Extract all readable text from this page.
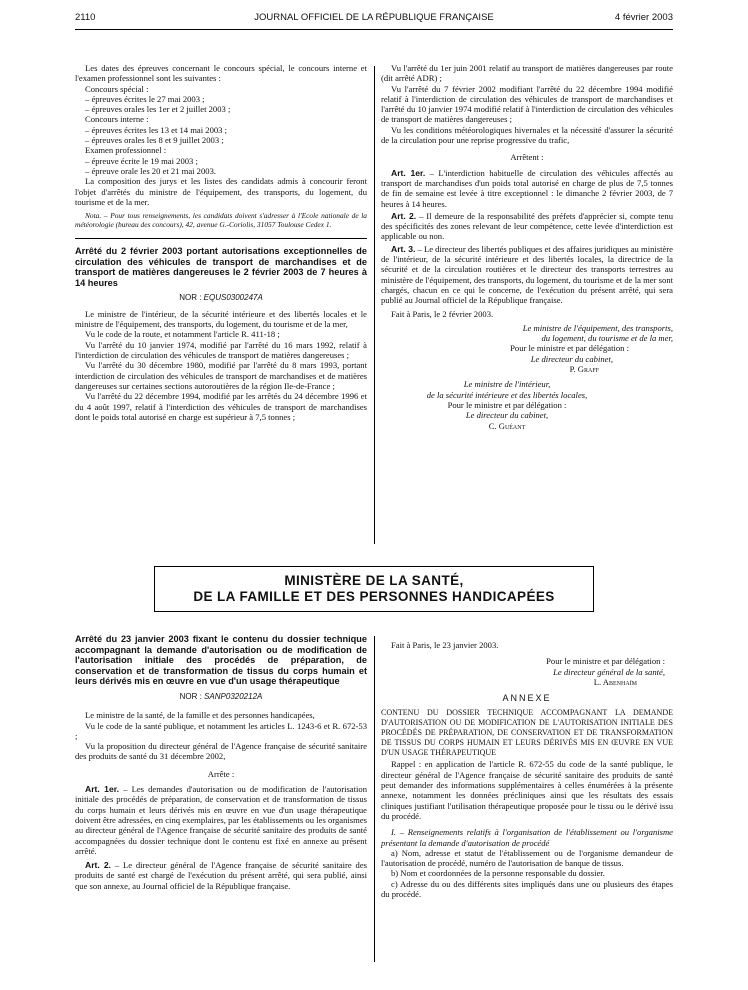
2110	JOURNAL OFFICIEL DE LA RÉPUBLIQUE FRANÇAISE	4 février 2003

Les dates des épreuves concernant le concours spécial, le concours interne et l'examen professionnel sont les suivantes :

Concours spécial :

– épreuves écrites le 27 mai 2003 ;

– épreuves orales les 1er et 2 juillet 2003 ;

Concours interne :

– épreuves écrites les 13 et 14 mai 2003 ;

– épreuves orales les 8 et 9 juillet 2003 ;

Examen professionnel :

– épreuve écrite le 19 mai 2003 ;

– épreuve orale les 20 et 21 mai 2003.

La composition des jurys et les listes des candidats admis à concourir feront l'objet d'arrêtés du ministre de l'équipement, des transports, du logement, du tourisme et de la mer.

Nota. – Pour tous renseignements, les candidats doivent s'adresser à l'Ecole nationale de la météorologie (bureau des concours), 42, avenue G.-Coriolis, 31057 Toulouse Cedex 1.

Arrêté du 2 février 2003 portant autorisations exceptionnelles de circulation des véhicules de transport de marchandises et de transport de matières dangereuses le 2 février 2003 de 7 heures à 14 heures

NOR : EQUS0300247A

Le ministre de l'intérieur, de la sécurité intérieure et des libertés locales et le ministre de l'équipement, des transports, du logement, du tourisme et de la mer,

Vu le code de la route, et notamment l'article R. 411-18 ;

Vu l'arrêté du 10 janvier 1974, modifié par l'arrêté du 16 mars 1992, relatif à l'interdiction de circulation des véhicules de transport de matières dangereuses ;

Vu l'arrêté du 30 décembre 1980, modifié par l'arrêté du 8 mars 1993, portant interdiction de circulation des véhicules de transport de marchandises et de matières dangereuses sur certaines sections autoroutières de la région Ile-de-France ;

Vu l'arrêté du 22 décembre 1994, modifié par les arrêtés du 24 décembre 1996 et du 4 août 1997, relatif à l'interdiction des véhicules de transport de marchandises dont le poids total autorisé en charge est supérieur à 7,5 tonnes ;

Vu l'arrêté du 1er juin 2001 relatif au transport de matières dangereuses par route (dit arrêté ADR) ;

Vu l'arrêté du 7 février 2002 modifiant l'arrêté du 22 décembre 1994 modifié relatif à l'interdiction de circulation des véhicules de transport de marchandises et l'arrêté du 10 janvier 1974 modifié relatif à l'interdiction de circulation des véhicules de transport de matières dangereuses ;

Vu les conditions météorologiques hivernales et la nécessité d'assurer la sécurité de la circulation pour une reprise progressive du trafic,

Arrêtent :

Art. 1er. – L'interdiction habituelle de circulation des véhicules affectés au transport de marchandises d'un poids total autorisé en charge de plus de 7,5 tonnes de fin de semaine est levée à titre exceptionnel : le dimanche 2 février 2003, de 7 heures à 14 heures.

Art. 2. – Il demeure de la responsabilité des préfets d'apprécier si, compte tenu des spécificités des zones relevant de leur compétence, cette levée d'interdiction est applicable ou non.

Art. 3. – Le directeur des libertés publiques et des affaires juridiques au ministère de l'intérieur, de la sécurité intérieure et des libertés locales, la directrice de la sécurité et de la circulation routières et le directeur des transports terrestres au ministère de l'équipement, des transports, du logement, du tourisme et de la mer sont chargés, chacun en ce qui le concerne, de l'exécution du présent arrêté, qui sera publié au Journal officiel de la République française.

Fait à Paris, le 2 février 2003.

Le ministre de l'équipement, des transports,

du logement, du tourisme et de la mer,

Pour le ministre et par délégation :

Le directeur du cabinet,

P. Graff

Le ministre de l'intérieur,

de la sécurité intérieure et des libertés locales,

Pour le ministre et par délégation :

Le directeur du cabinet,

C. Guéant

MINISTÈRE DE LA SANTÉ,
DE LA FAMILLE ET DES PERSONNES HANDICAPÉES

Arrêté du 23 janvier 2003 fixant le contenu du dossier technique accompagnant la demande d'autorisation ou de modification de l'autorisation initiale des procédés de préparation, de conservation et de transformation de tissus du corps humain et leurs dérivés mis en œuvre en vue d'un usage thérapeutique

NOR : SANP0320212A

Le ministre de la santé, de la famille et des personnes handicapées,

Vu le code de la santé publique, et notamment les articles L. 1243-6 et R. 672-53 ;

Vu la proposition du directeur général de l'Agence française de sécurité sanitaire des produits de santé du 31 décembre 2002,

Arrête :

Art. 1er. – Les demandes d'autorisation ou de modification de l'autorisation initiale des procédés de préparation, de conservation et de transformation de tissus du corps humain et leurs dérivés mis en œuvre en vue d'un usage thérapeutique doivent être adressées, en cinq exemplaires, par les établissements ou les organismes au directeur général de l'Agence française de sécurité sanitaire des produits de santé accompagnées du dossier technique dont le contenu est fixé en annexe au présent arrêté.

Art. 2. – Le directeur général de l'Agence française de sécurité sanitaire des produits de santé est chargé de l'exécution du présent arrêté, qui sera publié, ainsi que son annexe, au Journal officiel de la République française.

Fait à Paris, le 23 janvier 2003.

Pour le ministre et par délégation :

Le directeur général de la santé,

L. Abenhaïm

ANNEXE

CONTENU DU DOSSIER TECHNIQUE ACCOMPAGNANT LA DEMANDE D'AUTORISATION OU DE MODIFICATION DE L'AUTORISATION INITIALE DES PROCÉDÉS DE PRÉPARATION, DE CONSERVATION ET DE TRANSFORMATION DE TISSUS DU CORPS HUMAIN ET LEURS DÉRIVÉS MIS EN ŒUVRE EN VUE D'UN USAGE THÉRAPEUTIQUE

Rappel : en application de l'article R. 672-55 du code de la santé publique, le directeur général de l'Agence française de sécurité sanitaire des produits de santé peut demander des informations supplémentaires à celles énumérées à la présente annexe, notamment les données précliniques ainsi que les résultats des essais cliniques justifiant l'utilisation thérapeutique proposée pour le tissu ou le dérivé issu du procédé.

I. – Renseignements relatifs à l'organisation de l'établissement ou l'organisme présentant la demande d'autorisation de procédé

a) Nom, adresse et statut de l'établissement ou de l'organisme demandeur de l'autorisation de procédé, numéro de l'autorisation de banque de tissus.

b) Nom et coordonnées de la personne responsable du dossier.

c) Adresse du ou des différents sites impliqués dans une ou plusieurs des étapes du procédé.
